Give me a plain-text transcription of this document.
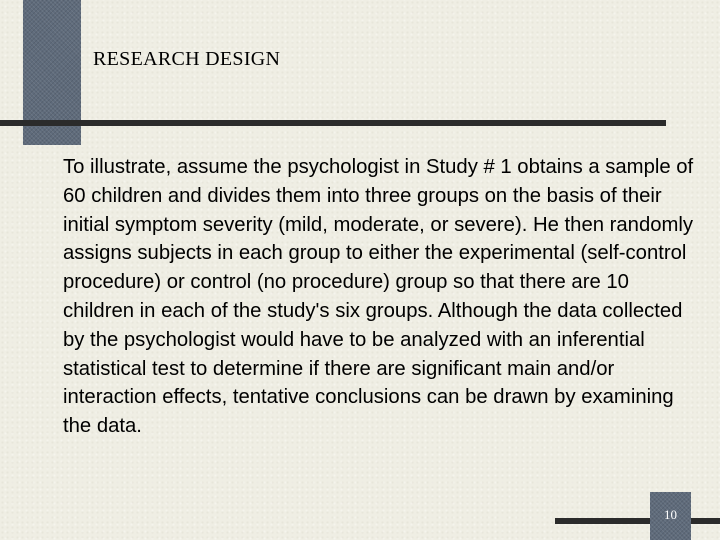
RESEARCH DESIGN

To illustrate, assume the psychologist in Study # 1 obtains a sample of 60 children and divides them into three groups on the basis of their initial symptom severity (mild, moderate, or severe). He then randomly assigns subjects in each group to either the experimental (self-control procedure) or control (no procedure) group so that there are 10 children in each of the study's six groups. Although the data collected by the psychologist would have to be analyzed with an inferential statistical test to determine if there are significant main and/or interaction effects, tentative conclusions can be drawn by examining the data.

10
